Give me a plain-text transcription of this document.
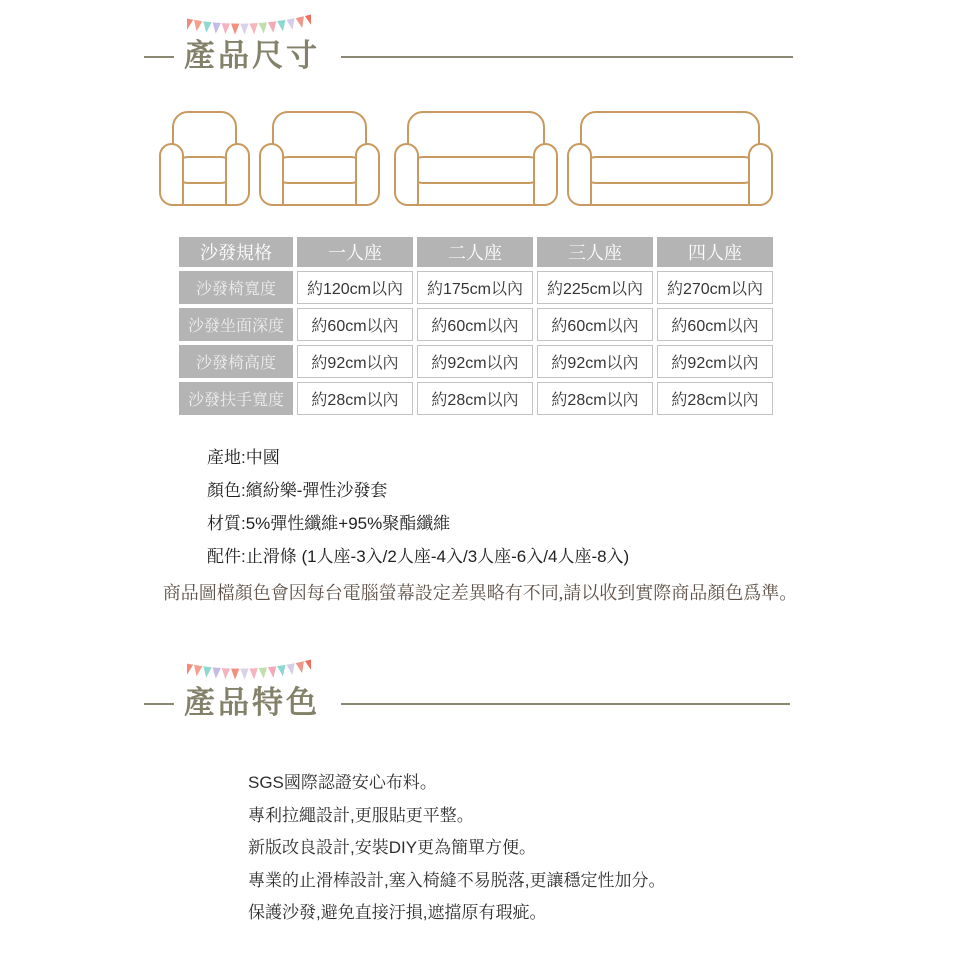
產品尺寸
沙發規格	一人座	二人座	三人座	四人座
沙發椅寬度	約120cm以內	約175cm以內	約225cm以內	約270cm以內
沙發坐面深度	約60cm以內	約60cm以內	約60cm以內	約60cm以內
沙發椅高度	約92cm以內	約92cm以內	約92cm以內	約92cm以內
沙發扶手寬度	約28cm以內	約28cm以內	約28cm以內	約28cm以內
產地:中國
顏色:繽紛樂-彈性沙發套
材質:5%彈性纖維+95%聚酯纖維
配件:止滑條 (1人座-3入/2人座-4入/3人座-6入/4人座-8入)

商品圖檔顏色會因每台電腦螢幕設定差異略有不同,請以收到實際商品顏色爲準。

產品特色
SGS國際認證安心布料。
專利拉繩設計,更服貼更平整。
新版改良設計,安裝DIY更為簡單方便。
專業的止滑棒設計,塞入椅縫不易脱落,更讓穩定性加分。
保護沙發,避免直接汙損,遮擋原有瑕疵。
